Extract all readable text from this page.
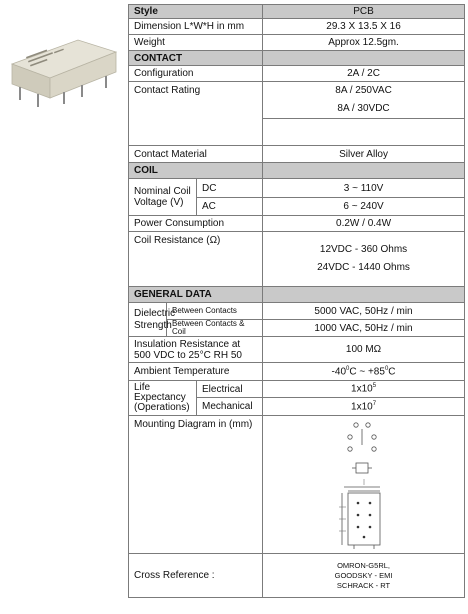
Style			PCB
Dimension L*W*H in mm			29.3 X 13.5 X 16
Weight			Approx 12.5gm.
CONTACT			
Configuration			2A / 2C
Contact Rating			8A / 250VAC
8A / 30VDC

Contact Material			Silver Alloy
COIL			
Nominal Coil Voltage (V)		DC	3 ~ 110V
		AC	6 ~ 240V
Power Consumption			0.2W / 0.4W
Coil Resistance (Ω)			12VDC - 360 Ohms
24VDC - 1440 Ohms

GENERAL DATA			
Dielectric Strength	Between Contacts		5000 VAC, 50Hz / min
	Between Contacts & Coil		1000 VAC, 50Hz / min
Insulation Resistance at 500 VDC to 25°C RH 50			100 MΩ
Ambient Temperature			$-40^0C$ ~ $+85^0C$
Life Expectancy (Operations)		Electrical	$1x10^5$
		Mechanical	$1x10^7$
Mounting Diagram in (mm)	

Cross Reference :			OMRON-G5RL,
GOODSKY - EMI
SCHRACK - RT
